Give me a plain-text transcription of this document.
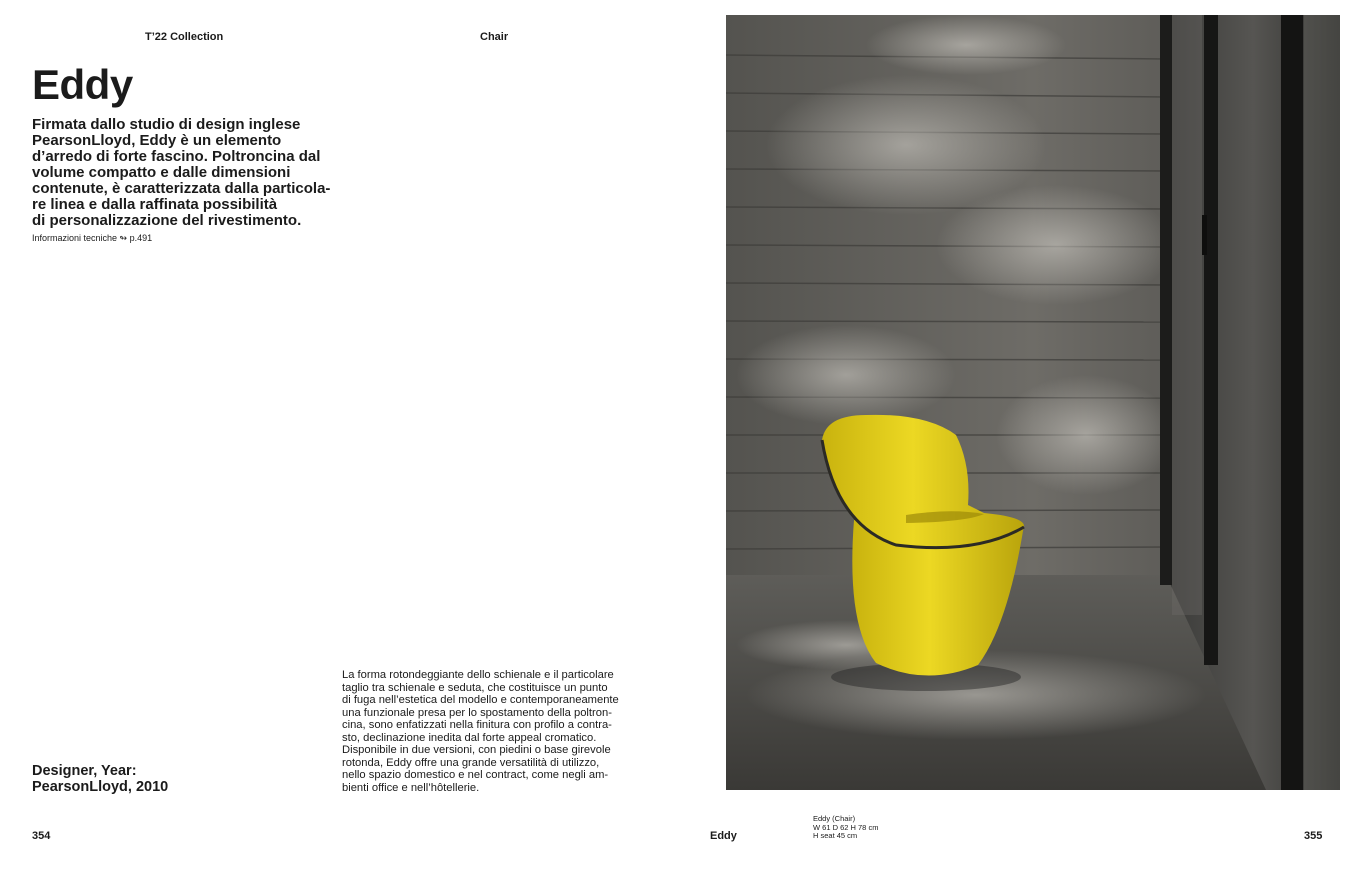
T’22 Collection	Chair
Eddy
Firmata dallo studio di design inglese
PearsonLloyd, Eddy è un elemento
d’arredo di forte fascino. Poltroncina dal
volume compatto e dalle dimensioni
contenute, è caratterizzata dalla particola-
re linea e dalla raffinata possibilità
di personalizzazione del rivestimento.
Informazioni tecniche ↬ p.491
La forma rotondeggiante dello schienale e il particolare
taglio tra schienale e seduta, che costituisce un punto
di fuga nell’estetica del modello e contemporaneamente
una funzionale presa per lo spostamento della poltron-
cina, sono enfatizzati nella finitura con profilo a contra-
sto, declinazione inedita dal forte appeal cromatico.
Disponibile in due versioni, con piedini o base girevole
rotonda, Eddy offre una grande versatilità di utilizzo,
nello spazio domestico e nel contract, come negli am-
bienti office e nell’hôtellerie.
Designer, Year:
PearsonLloyd, 2010
Eddy (Chair)
W 61 D 62 H 78 cm
H seat 45 cm
354	Eddy	355
